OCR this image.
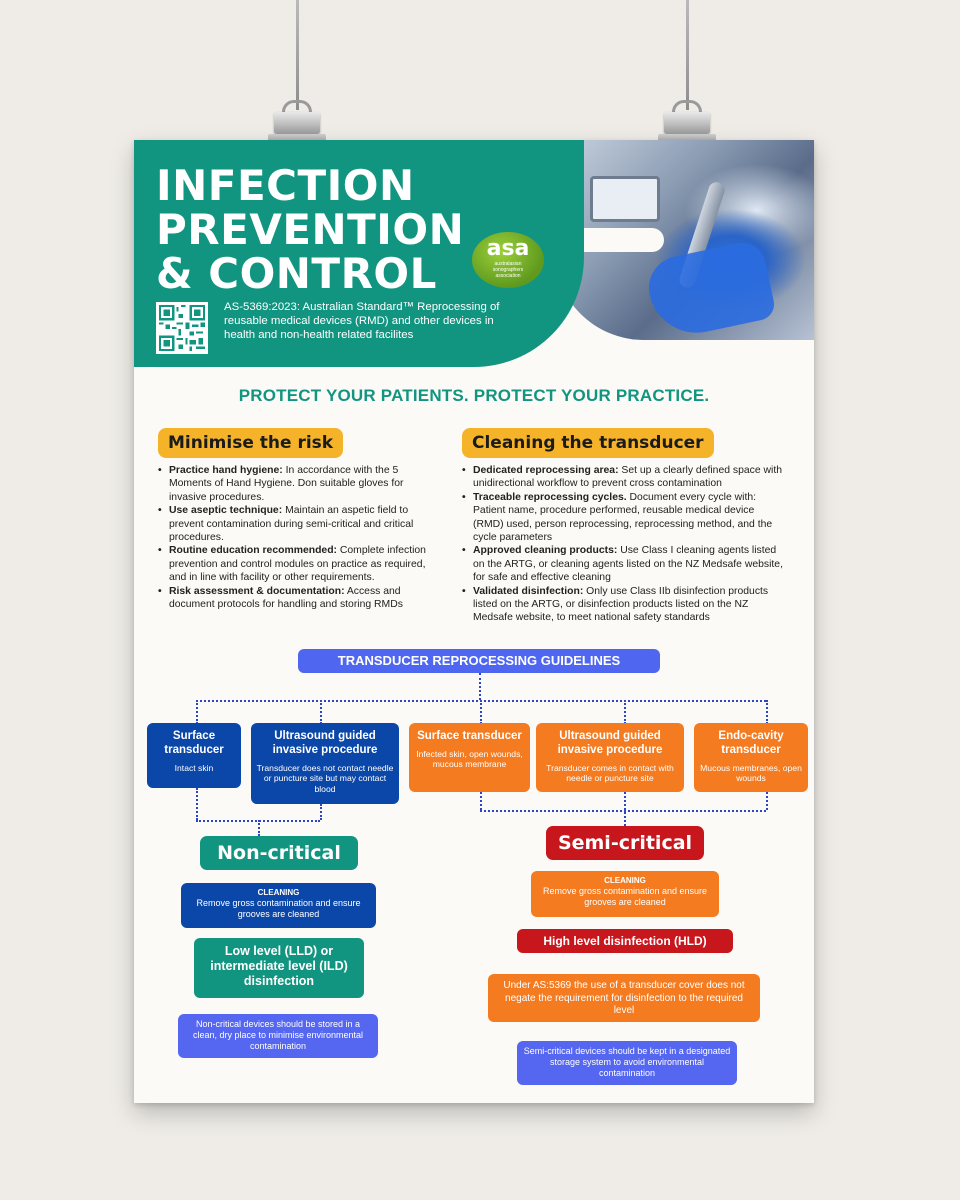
INFECTION
PREVENTION
& CONTROL
asa
australasian
sonographers
association
AS-5369:2023: Australian Standard™ Reprocessing of reusable medical devices (RMD) and other devices in health and non-health related facilites
PROTECT YOUR PATIENTS. PROTECT YOUR PRACTICE.
Minimise the risk
• Practice hand hygiene: In accordance with the 5 Moments of Hand Hygiene. Don suitable gloves for invasive procedures.
• Use aseptic technique: Maintain an aspetic field to prevent contamination during semi-critical and critical procedures.
• Routine education recommended: Complete infection prevention and control modules on practice as required, and in line with facility or other requirements.
• Risk assessment & documentation: Access and document protocols for handling and storing RMDs
Cleaning the transducer
• Dedicated reprocessing area: Set up a clearly defined space with unidirectional workflow to prevent cross contamination
• Traceable reprocessing cycles. Document every cycle with: Patient name, procedure performed, reusable medical device (RMD) used, person reprocessing, reprocessing method, and the cycle parameters
• Approved cleaning products: Use Class I cleaning agents listed on the ARTG, or cleaning agents listed on the NZ Medsafe website, for safe and effective cleaning
• Validated disinfection: Only use Class IIb disinfection products listed on the ARTG, or disinfection products listed on the NZ Medsafe website, to meet national safety standards
TRANSDUCER REPROCESSING GUIDELINES
Surface transducer
Intact skin
Ultrasound guided invasive procedure
Transducer does not contact needle or puncture site but may contact blood
Surface transducer
Infected skin, open wounds, mucous membrane
Ultrasound guided invasive procedure
Transducer comes in contact with needle or puncture site
Endo-cavity transducer
Mucous membranes, open wounds
Non-critical
CLEANING
Remove gross contamination and ensure grooves are cleaned
Low level (LLD) or intermediate level (ILD) disinfection
Non-critical devices should be stored in a clean, dry place to minimise environmental contamination
Semi-critical
CLEANING
Remove gross contamination and ensure grooves are cleaned
High level disinfection (HLD)
Under AS:5369 the use of a transducer cover does not negate the requirement for disinfection to the required level
Semi-critical devices should be kept in a designated storage system to avoid environmental contamination
